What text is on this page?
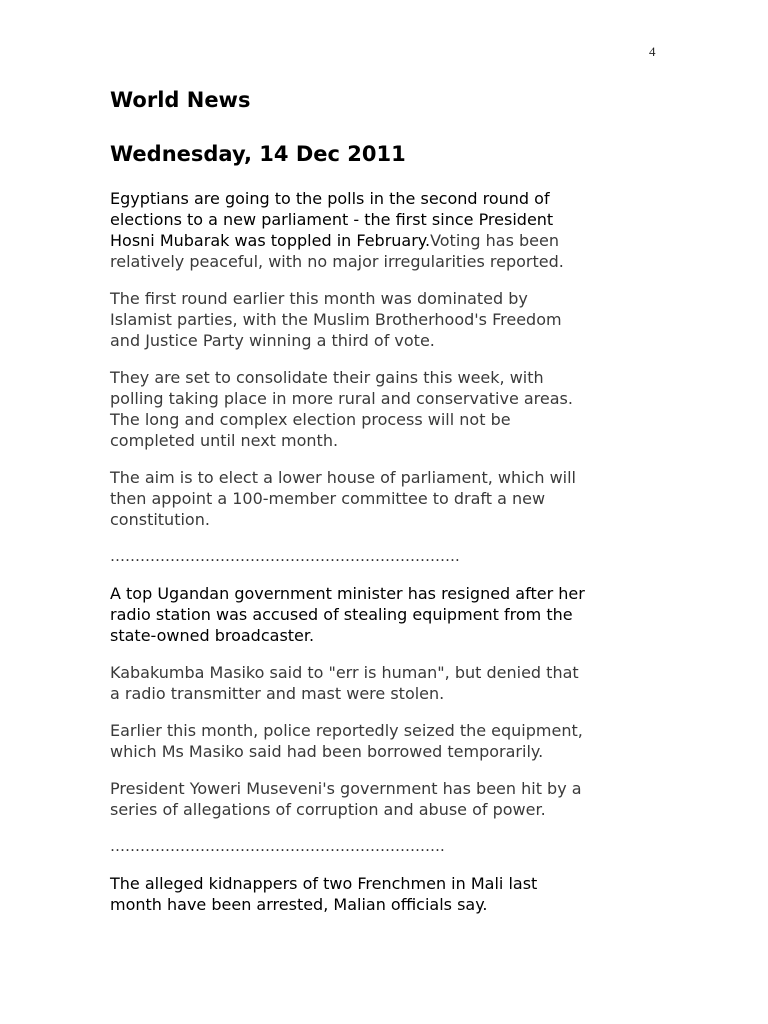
4
World News
Wednesday, 14 Dec 2011

Egyptians are going to the polls in the second round of
elections to a new parliament - the first since President
Hosni Mubarak was toppled in February.Voting has been
relatively peaceful, with no major irregularities reported.

The first round earlier this month was dominated by
Islamist parties, with the Muslim Brotherhood's Freedom
and Justice Party winning a third of vote.

They are set to consolidate their gains this week, with
polling taking place in more rural and conservative areas.
The long and complex election process will not be
completed until next month.

The aim is to elect a lower house of parliament, which will
then appoint a 100-member committee to draft a new
constitution.

…………………………………………………………….

A top Ugandan government minister has resigned after her
radio station was accused of stealing equipment from the
state-owned broadcaster.

Kabakumba Masiko said to "err is human", but denied that
a radio transmitter and mast were stolen.

Earlier this month, police reportedly seized the equipment,
which Ms Masiko said had been borrowed temporarily.

President Yoweri Museveni's government has been hit by a
series of allegations of corruption and abuse of power.

………………………………………………………….

The alleged kidnappers of two Frenchmen in Mali last
month have been arrested, Malian officials say.
